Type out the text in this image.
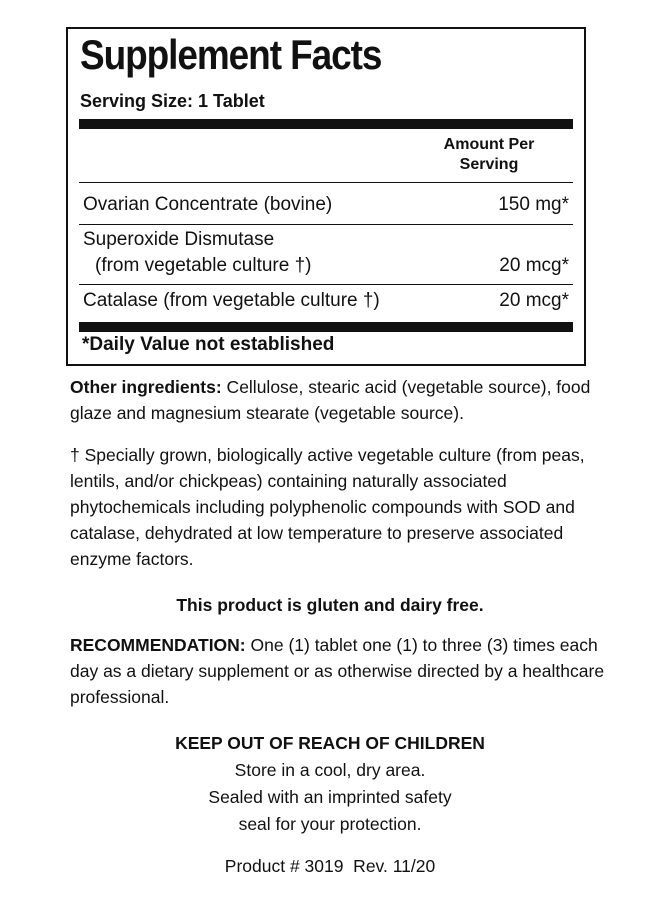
Supplement Facts
Serving Size: 1 Tablet
Amount Per
Serving
Ovarian Concentrate (bovine)	150 mg*
Superoxide Dismutase
(from vegetable culture †)	20 mcg*
Catalase (from vegetable culture †)	20 mcg*
*Daily Value not established

Other ingredients: Cellulose, stearic acid (vegetable source), food glaze and magnesium stearate (vegetable source).

† Specially grown, biologically active vegetable culture (from peas, lentils, and/or chickpeas) containing naturally associated phytochemicals including polyphenolic compounds with SOD and catalase, dehydrated at low temperature to preserve associated enzyme factors.

This product is gluten and dairy free.

RECOMMENDATION: One (1) tablet one (1) to three (3) times each day as a dietary supplement or as otherwise directed by a healthcare professional.

KEEP OUT OF REACH OF CHILDREN

Store in a cool, dry area.

Sealed with an imprinted safety

seal for your protection.

Product # 3019  Rev. 11/20
